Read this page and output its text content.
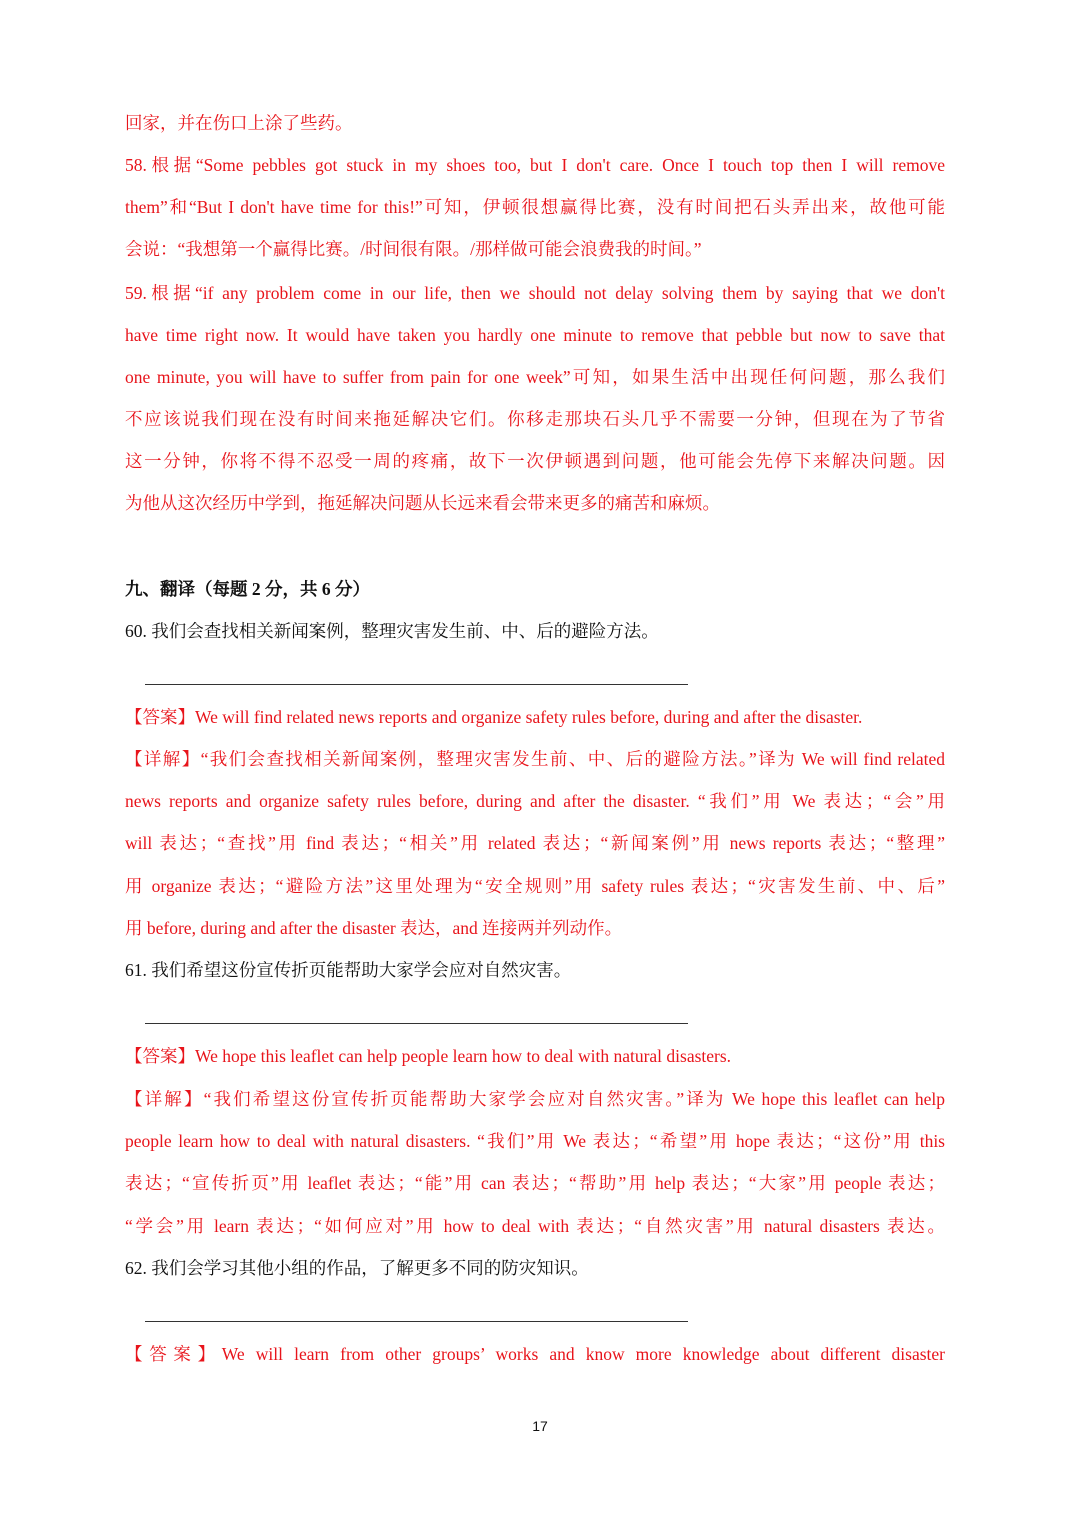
回家，并在伤口上涂了些药。
58.根据“Some pebbles got stuck in my shoes too, but I don't care. Once I touch top then I will remove
them”和“But I don't have time for this!”可知，伊顿很想赢得比赛，没有时间把石头弄出来，故他可能
会说：“我想第一个赢得比赛。/时间很有限。/那样做可能会浪费我的时间。”
59.根据“if any problem come in our life, then we should not delay solving them by saying that we don't
have time right now. It would have taken you hardly one minute to remove that pebble but now to save that
one minute, you will have to suffer from pain for one week”可知，如果生活中出现任何问题，那么我们
不应该说我们现在没有时间来拖延解决它们。你移走那块石头几乎不需要一分钟，但现在为了节省
这一分钟，你将不得不忍受一周的疼痛，故下一次伊顿遇到问题，他可能会先停下来解决问题。因
为他从这次经历中学到，拖延解决问题从长远来看会带来更多的痛苦和麻烦。
九、翻译（每题 2 分，共 6 分）
60. 我们会查找相关新闻案例，整理灾害发生前、中、后的避险方法。
【答案】We will find related news reports and organize safety rules before, during and after the disaster.
【详解】“我们会查找相关新闻案例，整理灾害发生前、中、后的避险方法。”译为 We will find related
news reports and organize safety rules before, during and after the disaster. “我们”用 We 表达；“会”用
will 表达；“查找”用 find 表达；“相关”用 related 表达；“新闻案例”用 news reports 表达；“整理”
用 organize 表达；“避险方法”这里处理为“安全规则”用 safety rules 表达；“灾害发生前、中、后”
用 before, during and after the disaster 表达，and 连接两并列动作。
61. 我们希望这份宣传折页能帮助大家学会应对自然灾害。
【答案】We hope this leaflet can help people learn how to deal with natural disasters.
【详解】“我们希望这份宣传折页能帮助大家学会应对自然灾害。”译为 We hope this leaflet can help
people learn how to deal with natural disasters. “我们”用 We 表达；“希望”用 hope 表达；“这份”用 this
表达；“宣传折页”用 leaflet 表达；“能”用 can 表达；“帮助”用 help 表达；“大家”用 people 表达；
“学会”用 learn 表达；“如何应对”用 how to deal with 表达；“自然灾害”用 natural disasters 表达。
62. 我们会学习其他小组的作品，了解更多不同的防灾知识。
【答案】We will learn from other groups’ works and know more knowledge about different disaster
17
